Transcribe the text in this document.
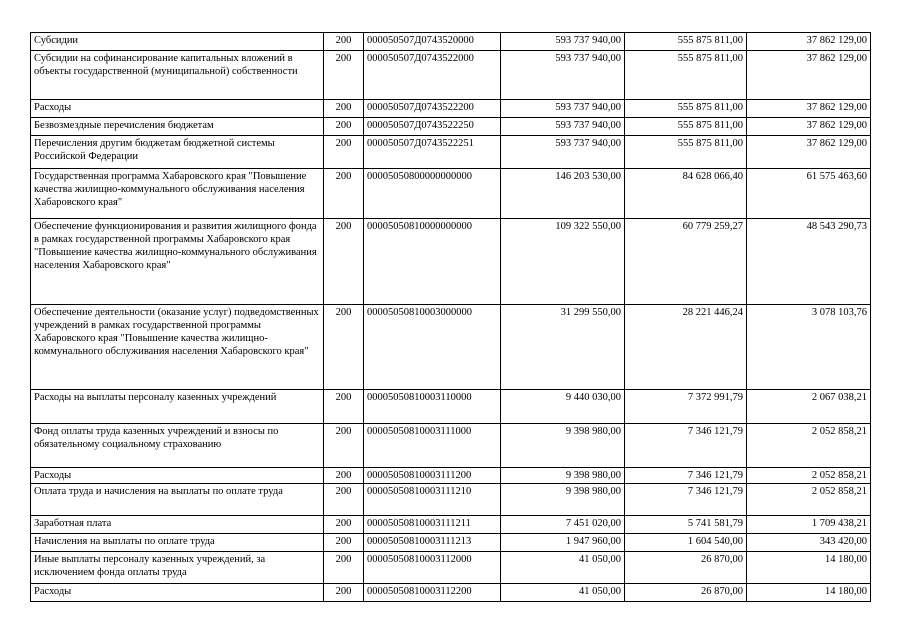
Субсидии	200	000050507Д0743520000	593 737 940,00	555 875 811,00	37 862 129,00
Субсидии на софинансирование капитальных вложений в объекты государственной (муниципальной) собственности	200	000050507Д0743522000	593 737 940,00	555 875 811,00	37 862 129,00
Расходы	200	000050507Д0743522200	593 737 940,00	555 875 811,00	37 862 129,00
Безвозмездные перечисления бюджетам	200	000050507Д0743522250	593 737 940,00	555 875 811,00	37 862 129,00
Перечисления другим бюджетам бюджетной системы Российской Федерации	200	000050507Д0743522251	593 737 940,00	555 875 811,00	37 862 129,00
Государственная программа Хабаровского края "Повышение качества жилищно-коммунального обслуживания населения Хабаровского края"	200	00005050800000000000	146 203 530,00	84 628 066,40	61 575 463,60
Обеспечение функционирования и развития жилищного фонда в рамках государственной программы Хабаровского края "Повышение качества жилищно-коммунального обслуживания населения Хабаровского края"	200	00005050810000000000	109 322 550,00	60 779 259,27	48 543 290,73
Обеспечение деятельности (оказание услуг) подведомственных учреждений в рамках государственной программы Хабаровского края "Повышение качества жилищно-коммунального обслуживания населения Хабаровского края"	200	00005050810003000000	31 299 550,00	28 221 446,24	3 078 103,76
Расходы на выплаты персоналу казенных учреждений	200	00005050810003110000	9 440 030,00	7 372 991,79	2 067 038,21
Фонд оплаты труда казенных учреждений и взносы по обязательному социальному страхованию	200	00005050810003111000	9 398 980,00	7 346 121,79	2 052 858,21
Расходы	200	00005050810003111200	9 398 980,00	7 346 121,79	2 052 858,21
Оплата труда и начисления на выплаты по оплате труда	200	00005050810003111210	9 398 980,00	7 346 121,79	2 052 858,21
Заработная плата	200	00005050810003111211	7 451 020,00	5 741 581,79	1 709 438,21
Начисления на выплаты по оплате труда	200	00005050810003111213	1 947 960,00	1 604 540,00	343 420,00
Иные выплаты персоналу казенных учреждений, за исключением фонда оплаты труда	200	00005050810003112000	41 050,00	26 870,00	14 180,00
Расходы	200	00005050810003112200	41 050,00	26 870,00	14 180,00
